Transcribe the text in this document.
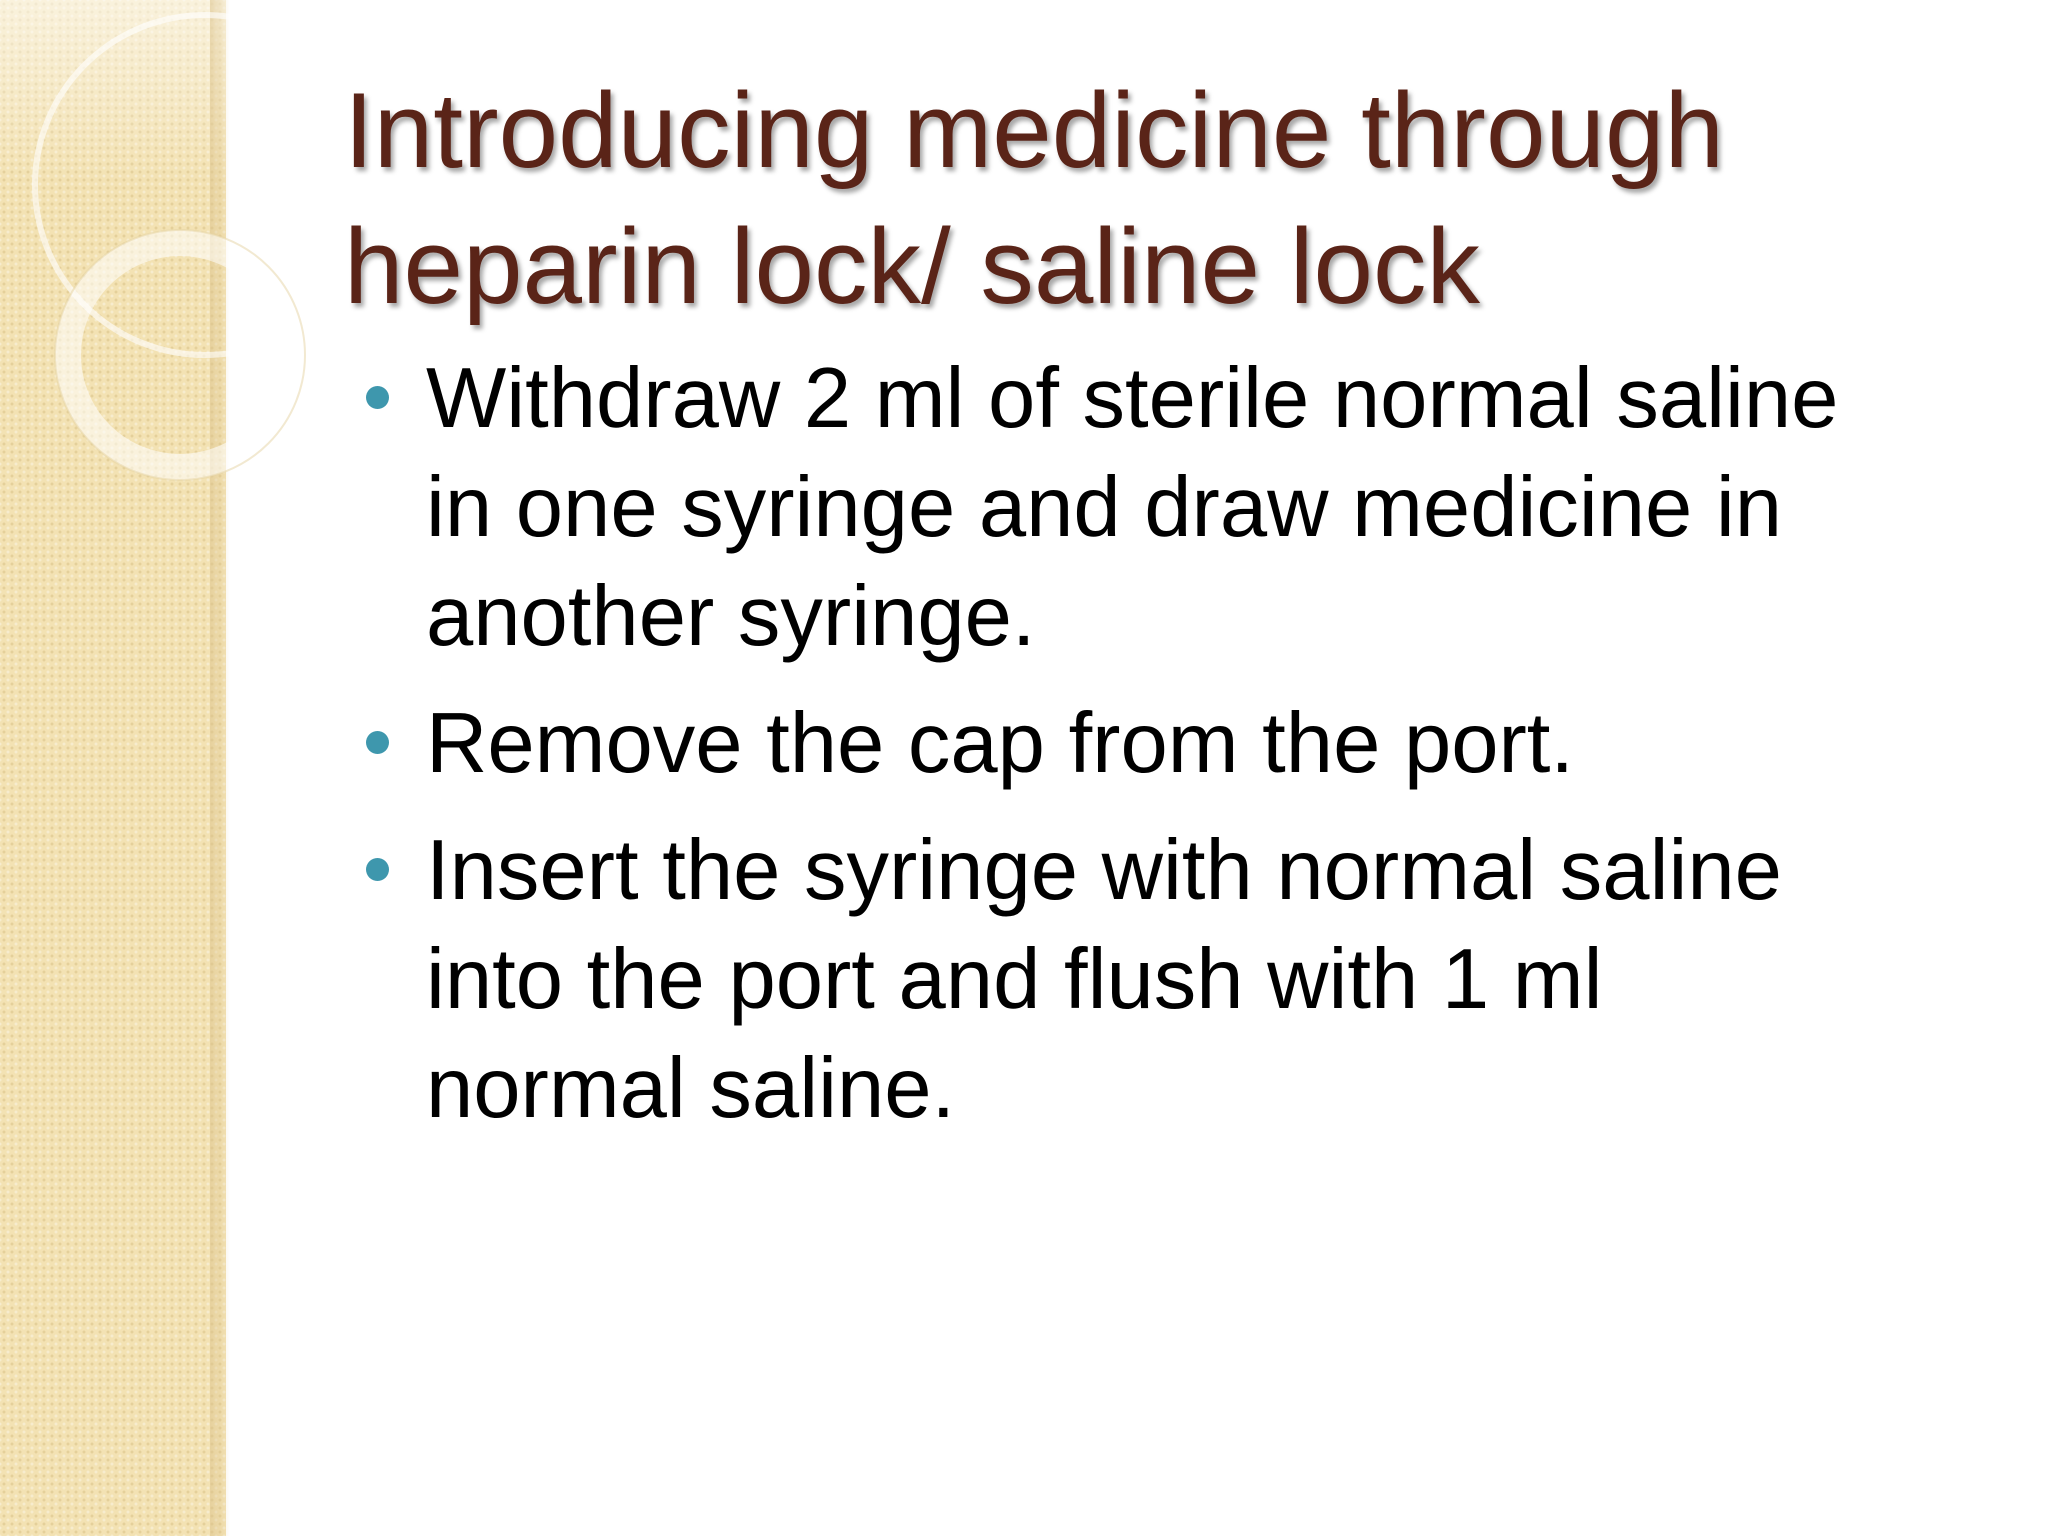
Introducing medicine through
heparin lock/ saline lock
Withdraw 2 ml of sterile normal saline
in one syringe and draw medicine in
another syringe.
Remove the cap from the port.
Insert the syringe with normal saline
into the port and flush with 1 ml
normal saline.
